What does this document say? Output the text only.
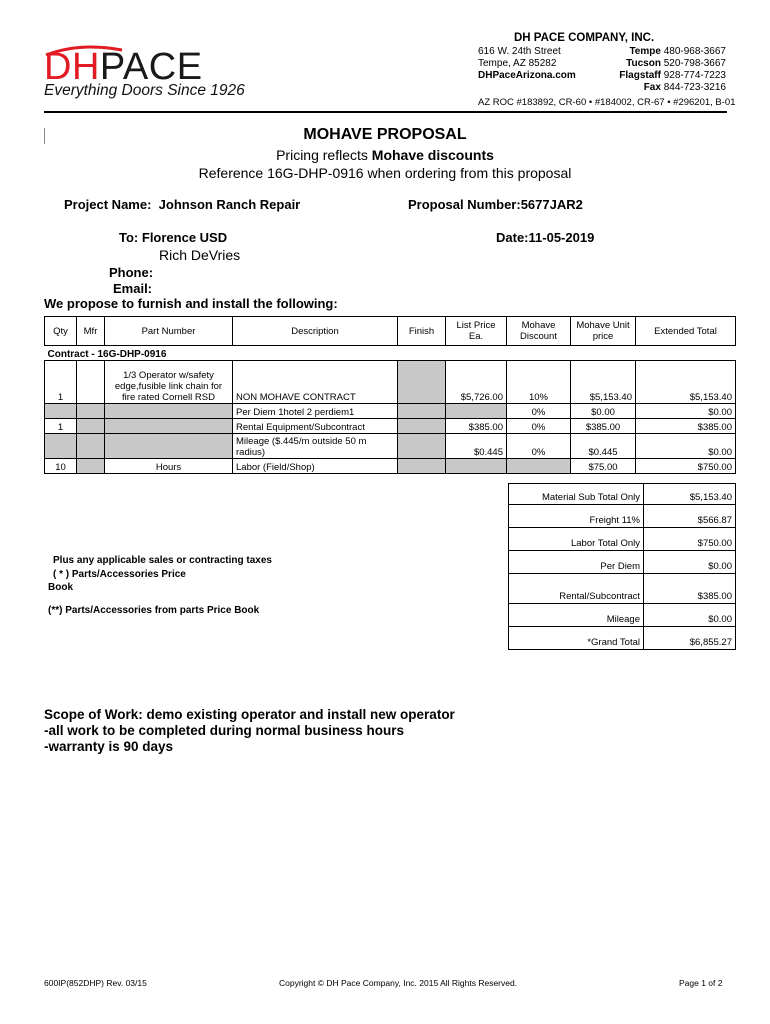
DHPACE
Everything Doors Since 1926
DH PACE COMPANY, INC.
616 W. 24th Street	Tempe 480-968-3667
Tempe, AZ 85282	Tucson 520-798-3667
DHPaceArizona.com	Flagstaff 928-774-7223
Fax 844-723-3216
AZ ROC #183892, CR-60 • #184002, CR-67 • #296201, B-01
MOHAVE PROPOSAL
Pricing reflects Mohave discounts
Reference 16G-DHP-0916 when ordering from this proposal
Project Name: Johnson Ranch Repair	Proposal Number:5677JAR2
To: Florence USD
Rich DeVries
Date:11-05-2019
Phone:
Email:
We propose to furnish and install the following:
Qty	Mfr	Part Number	Description	Finish	List Price Ea.	Mohave Discount	Mohave Unit price	Extended Total
Contract - 16G-DHP-0916								
1		1/3 Operator w/safety edge,fusible link chain for fire rated Cornell RSD	NON MOHAVE CONTRACT		$5,726.00	10%	$5,153.40	$5,153.40
			Per Diem 1hotel 2 perdiem1			0%	$0.00	$0.00
1			Rental Equipment/Subcontract		$385.00	0%	$385.00	$385.00
			Mileage ($.445/m outside 50 m radius)		$0.445	0%	$0.445	$0.00
10		Hours	Labor (Field/Shop)				$75.00	$750.00
Material Sub Total Only	$5,153.40
Freight 11%	$566.87
Labor Total Only	$750.00
Per Diem	$0.00
Rental/Subcontract	$385.00
Mileage	$0.00
*Grand Total	$6,855.27
Plus any applicable sales or contracting taxes
( * ) Parts/Accessories Price
Book
(**) Parts/Accessories from parts Price Book
Scope of Work: demo existing operator and install new operator
-all work to be completed during normal business hours
-warranty is 90 days
600IP(852DHP) Rev. 03/15	Copyright © DH Pace Company, Inc. 2015 All Rights Reserved.	Page 1 of 2
